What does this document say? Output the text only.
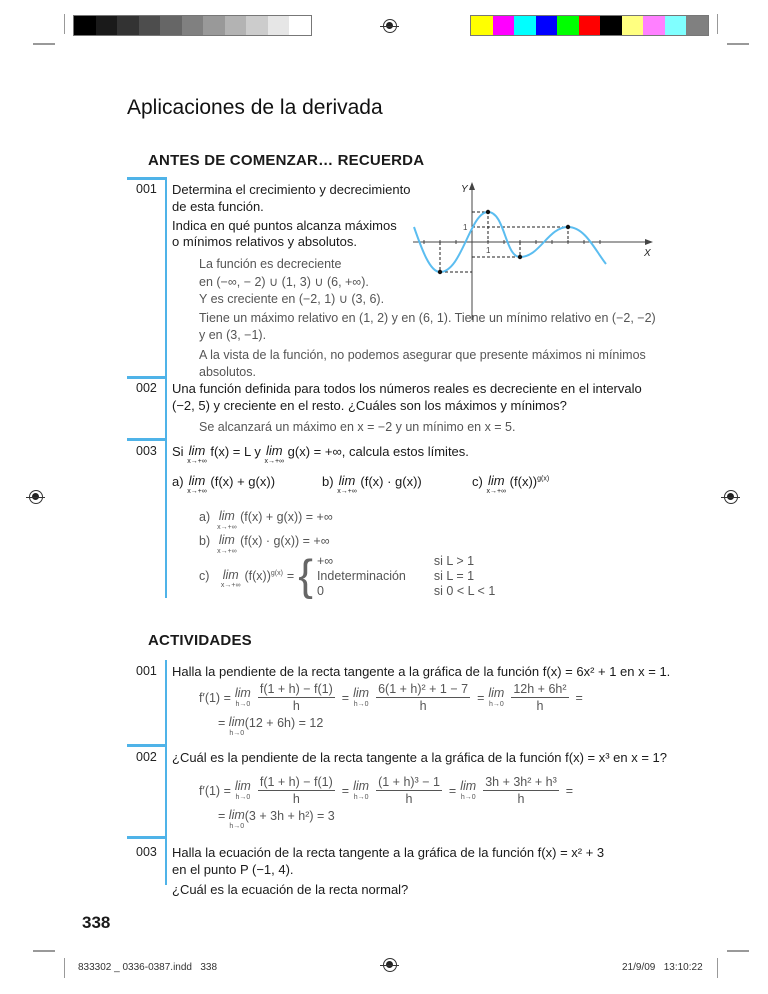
Aplicaciones de la derivada
ANTES DE COMENZAR… RECUERDA
001 Determina el crecimiento y decrecimiento
de esta función.
Indica en qué puntos alcanza máximos
o mínimos relativos y absolutos.
La función es decreciente
en (−∞, − 2) ∪ (1, 3) ∪ (6, +∞).
Y es creciente en (−2, 1) ∪ (3, 6).
Tiene un máximo relativo en (1, 2) y en (6, 1). Tiene un mínimo relativo en (−2, −2)
y en (3, −1).
A la vista de la función, no podemos asegurar que presente máximos ni mínimos
absolutos.
Y
X
1
1
002 Una función definida para todos los números reales es decreciente en el intervalo
(−2, 5) y creciente en el resto. ¿Cuáles son los máximos y mínimos?
Se alcanzará un máximo en x = −2 y un mínimo en x = 5.
003 Si lim
x→+∞
f(x) = L y lim
x→+∞
g(x) = +∞, calcula estos límites.
a) lim
x→+∞
(f(x) + g(x))	b) lim
x→+∞
(f(x) · g(x))	c) lim
x→+∞
$(f(x))^{g(x)}$
a) lim
x→+∞
(f(x) + g(x)) = +∞
b) lim
x→+∞
(f(x) · g(x)) = +∞
c)
lim
x→+∞
$(f(x))^{g(x)}$ = { +∞	si L > 1
Indeterminación si L = 1
0	si 0 < L < 1
ACTIVIDADES
001 Halla la pendiente de la recta tangente a la gráfica de la función f(x) = 6x² + 1 en x = 1.
f′(1) = lim
$h\to 0 \frac{f(1 + h) - f(1)}{h} = \lim$
$h\to 0 \frac{\text{6(1 + h)² + 1 − 7}}{h} = \lim$
$h\to 0 \frac{\text{12h + 6h²}}{h}$ =
= lim
h→0
(12 + 6h) = 12
002 ¿Cuál es la pendiente de la recta tangente a la gráfica de la función f(x) = x³ en x = 1?
f′(1) = lim
$h\to 0 \frac{f(1 + h) - f(1)}{h} = \lim$
$h\to 0 \frac{\text{(1 + h)³ − 1}}{h} = \lim$
$h\to 0 \frac{\text{3h + 3h² + h³}}{h}$ =
= lim
h→0
(3 + 3h + h²) = 3
003 Halla la ecuación de la recta tangente a la gráfica de la función f(x) = x² + 3
en el punto P (−1, 4).
¿Cuál es la ecuación de la recta normal?
338
833302 _ 0336-0387.indd   338	21/9/09   13:10:22
